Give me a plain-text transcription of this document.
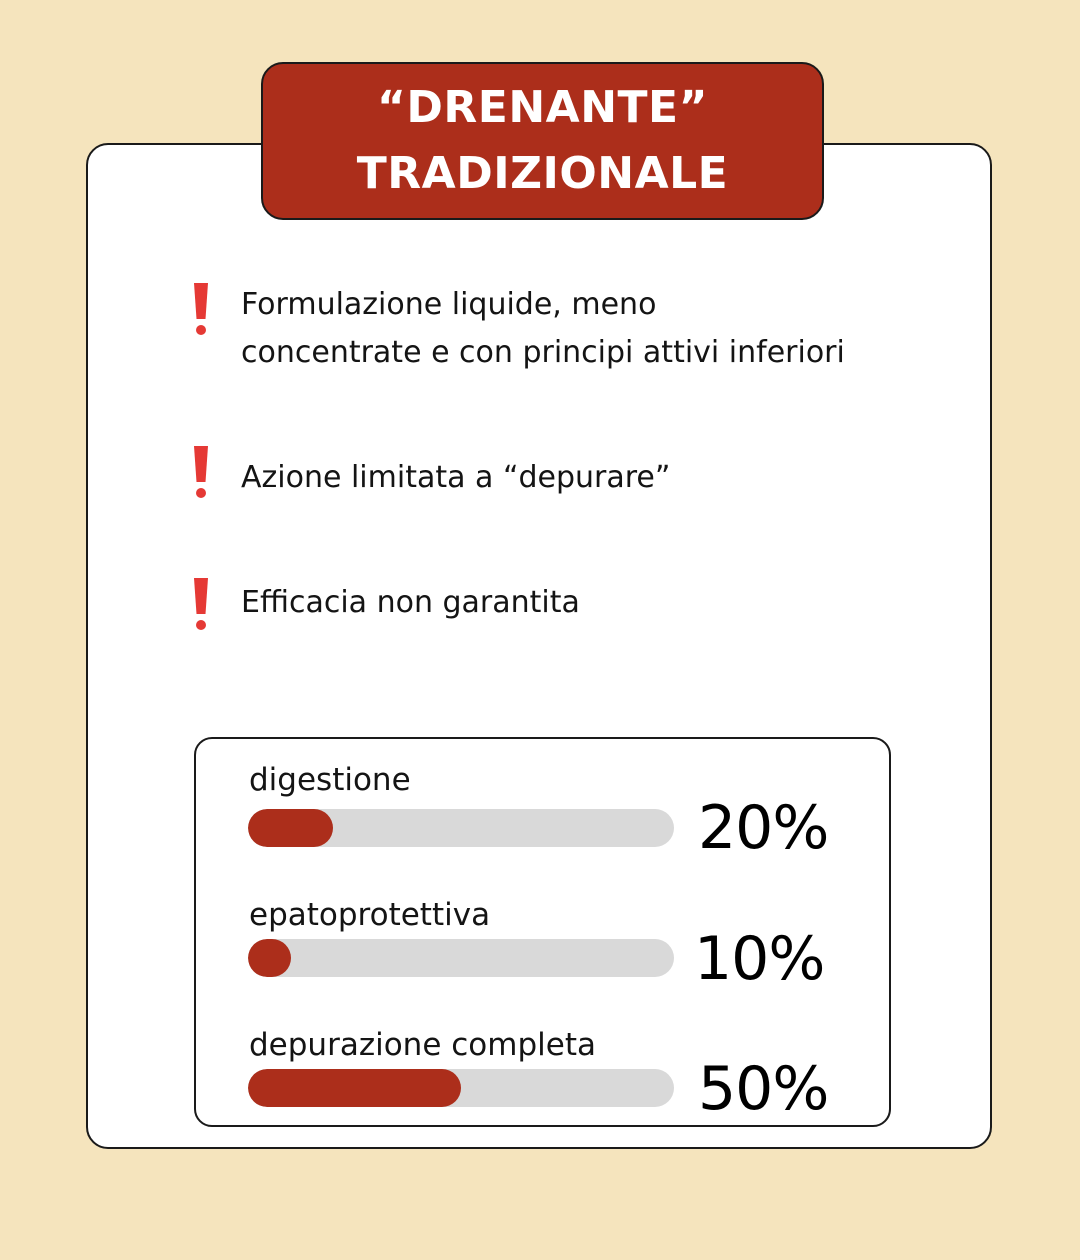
“DRENANTE”
TRADIZIONALE
Formulazione liquide, meno
concentrate e con principi attivi inferiori
Azione limitata a “depurare”
Efficacia non garantita
digestione
20%
epatoprotettiva
10%
depurazione completa
50%
